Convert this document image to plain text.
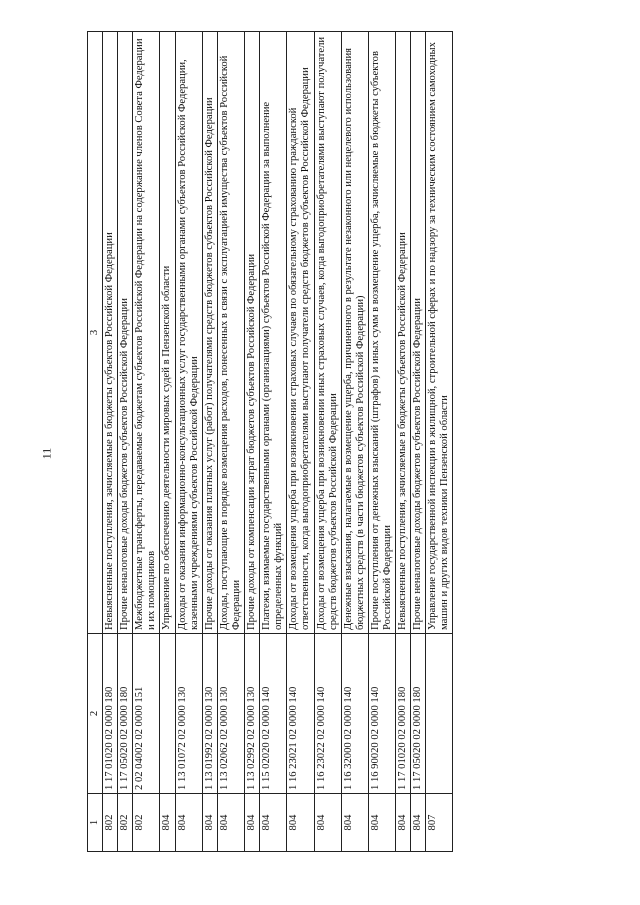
11
1	2	3
802	1 17 01020 02 0000 180	Невыясненные поступления, зачисляемые в бюджеты субъектов Российской Федерации
802	1 17 05020 02 0000 180	Прочие неналоговые доходы бюджетов субъектов Российской Федерации
802	2 02 04002 02 0000 151	Межбюджетные трансферты, передаваемые бюджетам субъектов Российской Федерации на содержание членов Совета Федерации и их помощников
804		Управление по обеспечению деятельности мировых судей в Пензенской области
804	1 13 01072 02 0000 130	Доходы от оказания информационно-консультационных услуг государственными органами субъектов Российской Федерации, казенными учреждениями субъектов Российской Федерации
804	1 13 01992 02 0000 130	Прочие доходы от оказания платных услуг (работ) получателями средств бюджетов субъектов Российской Федерации
804	1 13 02062 02 0000 130	Доходы, поступающие в порядке возмещения расходов, понесенных в связи с эксплуатацией имущества субъектов Российской Федерации
804	1 13 02992 02 0000 130	Прочие доходы от компенсации затрат бюджетов субъектов Российской Федерации
804	1 15 02020 02 0000 140	Платежи, взимаемые государственными органами (организациями) субъектов Российской Федерации за выполнение определенных функций
804	1 16 23021 02 0000 140	Доходы от возмещения ущерба при возникновении страховых случаев по обязательному страхованию гражданской ответственности, когда выгодоприобретателями выступают получатели средств бюджетов субъектов Российской Федерации
804	1 16 23022 02 0000 140	Доходы от возмещения ущерба при возникновении иных страховых случаев, когда выгодоприобретателями выступают получатели средств бюджетов субъектов Российской Федерации
804	1 16 32000 02 0000 140	Денежные взыскания, налагаемые в возмещение ущерба, причиненного в результате незаконного или нецелевого использования бюджетных средств (в части бюджетов субъектов Российской Федерации)
804	1 16 90020 02 0000 140	Прочие поступления от денежных взысканий (штрафов) и иных сумм в возмещение ущерба, зачисляемые в бюджеты субъектов Российской Федерации
804	1 17 01020 02 0000 180	Невыясненные поступления, зачисляемые в бюджеты субъектов Российской Федерации
804	1 17 05020 02 0000 180	Прочие неналоговые доходы бюджетов субъектов Российской Федерации
807		Управление государственной инспекции в жилищной, строительной сферах и по надзору за техническим состоянием самоходных машин и других видов техники Пензенской области
